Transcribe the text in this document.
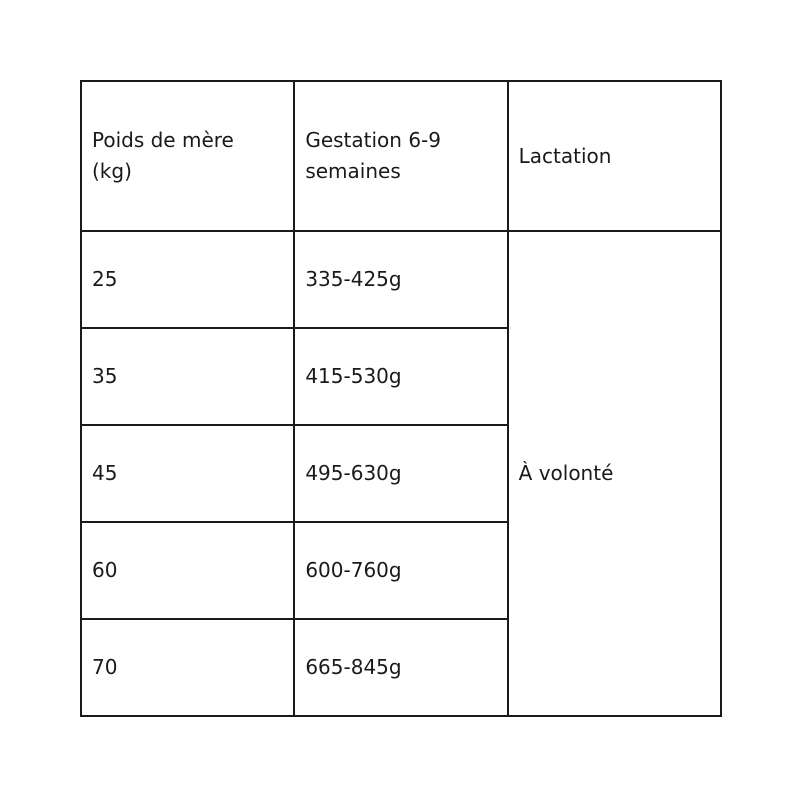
Poids de mère (kg)	Gestation 6-9 semaines	Lactation

25	335-425g	À volonté
35	415-530g	
45	495-630g	
60	600-760g	
70	665-845g	
